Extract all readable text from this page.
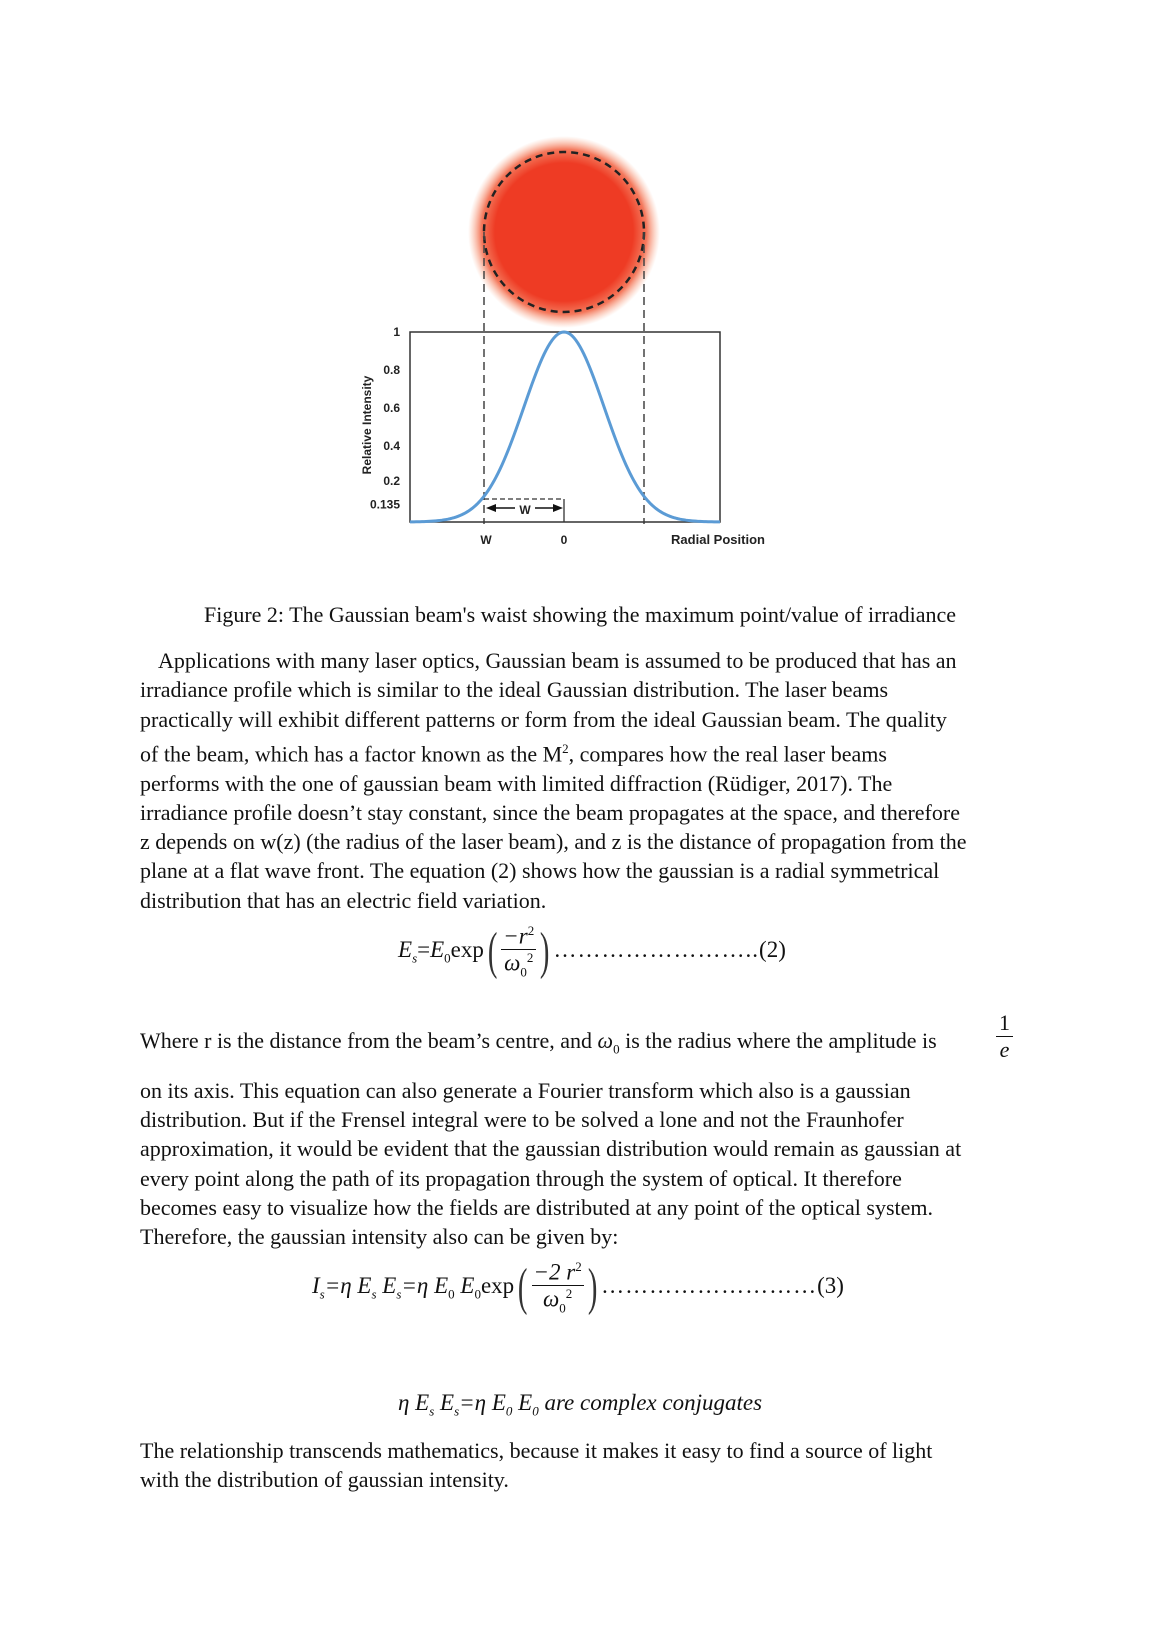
1
0.8
0.6
0.4
0.2
0.135	W
W	0	Radial Position
Relative Intensity
Figure 2: The Gaussian beam's waist showing the maximum point/value of irradiance
Applications with many laser optics, Gaussian beam is assumed to be produced that has an
irradiance profile which is similar to the ideal Gaussian distribution. The laser beams
practically will exhibit different patterns or form from the ideal Gaussian beam. The quality
of the beam, which has a factor known as the $M^2$, compares how the real laser beams
performs with the one of gaussian beam with limited diffraction (Rüdiger, 2017). The
irradiance profile doesn’t stay constant, since the beam propagates at the space, and therefore
z depends on w(z) (the radius of the laser beam), and z is the distance of propagation from the
plane at a flat wave front. The equation (2) shows how the gaussian is a radial symmetrical
distribution that has an electric field variation.
$E_s=E_0\exp( \frac{-r^2}{\omega_0^2}$ ) ……………………..(2)
Where r is the distance from the beam’s centre, and $\omega_0$ is the radius where the amplitude is
on its axis. This equation can also generate a Fourier transform which also is a gaussian
distribution. But if the Frensel integral were to be solved a lone and not the Fraunhofer
approximation, it would be evident that the gaussian distribution would remain as gaussian at
every point along the path of its propagation through the system of optical. It therefore
becomes easy to visualize how the fields are distributed at any point of the optical system.
Therefore, the gaussian intensity also can be given by:
1
e
$I_s=\eta$ $E_s$ $E_s=\eta$ $E_0$ $E_0\exp( \frac{-2 r^2}{\omega_0^2}$ ) ………………………(3)
η $E_s$ $E_s=\eta$ $E_0$ $E_0$ are complex conjugates
The relationship transcends mathematics, because it makes it easy to find a source of light
with the distribution of gaussian intensity.
